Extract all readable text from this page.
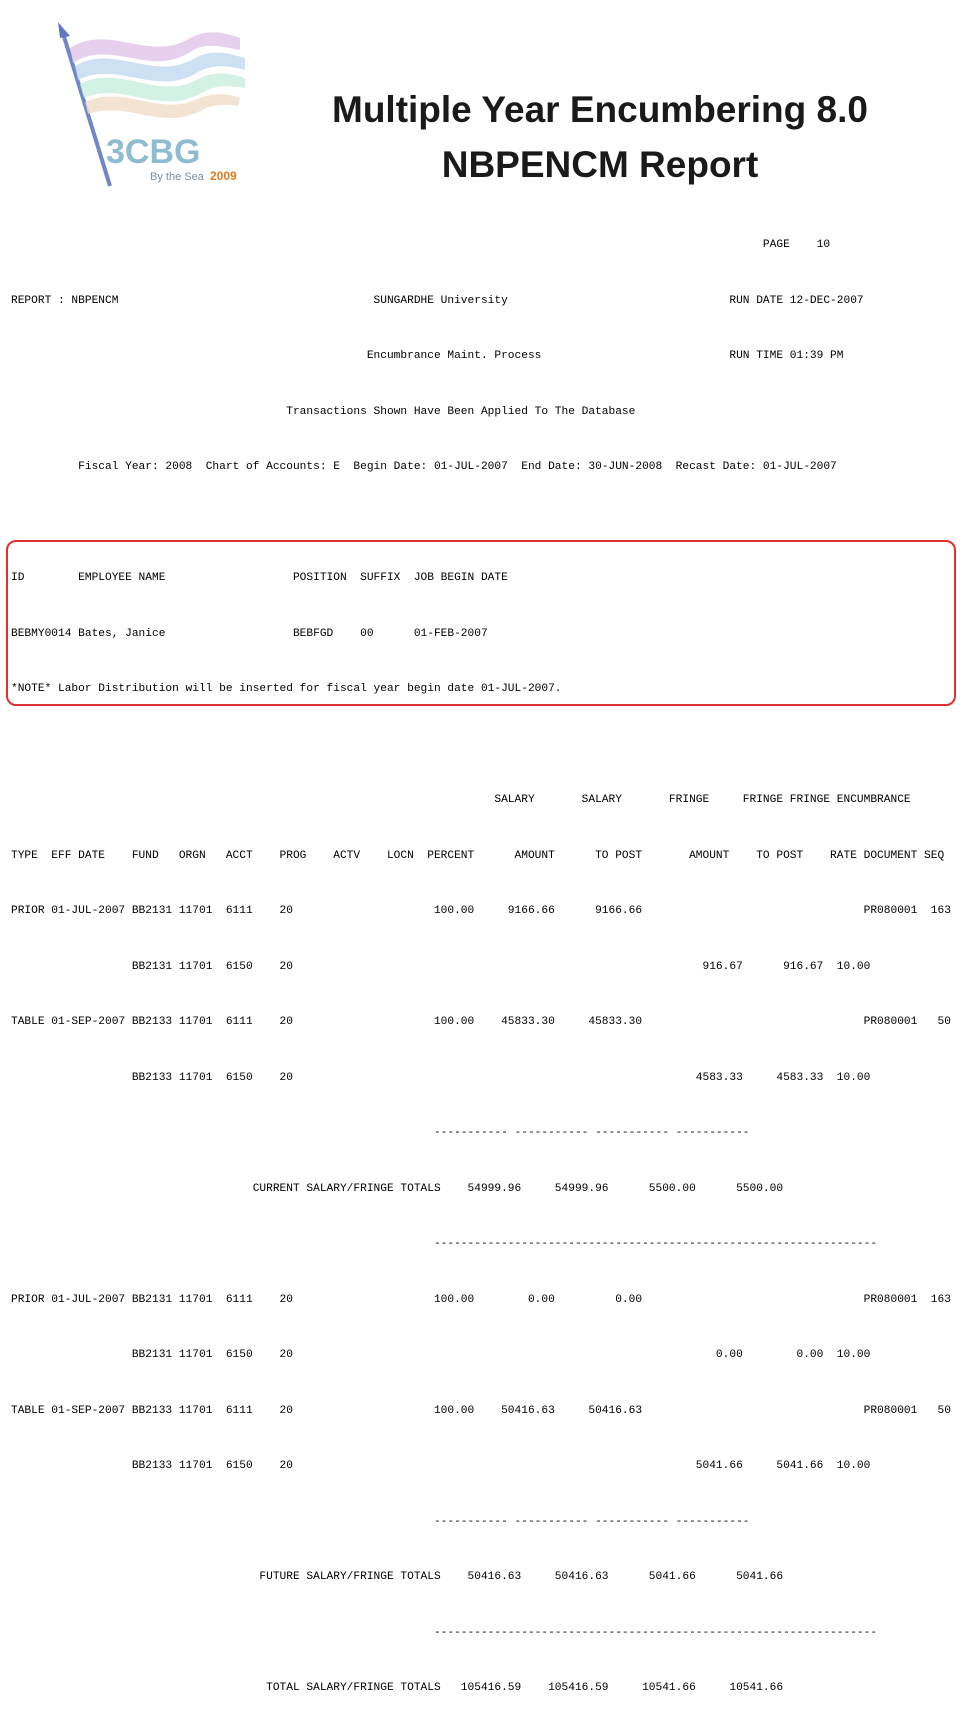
3CBG
By the Sea 2009
Multiple Year Encumbering 8.0
NBPENCM Report

PAGE    10

REPORT : NBPENCM                                      SUNGARDHE University                                 RUN DATE 12-DEC-2007

Encumbrance Maint. Process                            RUN TIME 01:39 PM

Transactions Shown Have Been Applied To The Database

Fiscal Year: 2008  Chart of Accounts: E  Begin Date: 01-JUL-2007  End Date: 30-JUN-2008  Recast Date: 01-JUL-2007

ID        EMPLOYEE NAME                   POSITION  SUFFIX  JOB BEGIN DATE

BEBMY0014 Bates, Janice                   BEBFGD    00      01-FEB-2007

*NOTE* Labor Distribution will be inserted for fiscal year begin date 01-JUL-2007.

SALARY       SALARY       FRINGE     FRINGE FRINGE ENCUMBRANCE

TYPE  EFF DATE    FUND   ORGN   ACCT    PROG    ACTV    LOCN  PERCENT      AMOUNT      TO POST       AMOUNT    TO POST    RATE DOCUMENT SEQ

PRIOR 01-JUL-2007 BB2131 11701  6111    20                     100.00     9166.66      9166.66                                 PR080001  163

BB2131 11701  6150    20                                                             916.67      916.67  10.00

TABLE 01-SEP-2007 BB2133 11701  6111    20                     100.00    45833.30     45833.30                                 PR080001   50

BB2133 11701  6150    20                                                            4583.33     4583.33  10.00

----------- ----------- ----------- -----------

CURRENT SALARY/FRINGE TOTALS    54999.96     54999.96      5500.00      5500.00

------------------------------------------------------------------

PRIOR 01-JUL-2007 BB2131 11701  6111    20                     100.00        0.00         0.00                                 PR080001  163

BB2131 11701  6150    20                                                               0.00        0.00  10.00

TABLE 01-SEP-2007 BB2133 11701  6111    20                     100.00    50416.63     50416.63                                 PR080001   50

BB2133 11701  6150    20                                                            5041.66     5041.66  10.00

----------- ----------- ----------- -----------

FUTURE SALARY/FRINGE TOTALS    50416.63     50416.63      5041.66      5041.66

------------------------------------------------------------------

TOTAL SALARY/FRINGE TOTALS   105416.59    105416.59     10541.66     10541.66
